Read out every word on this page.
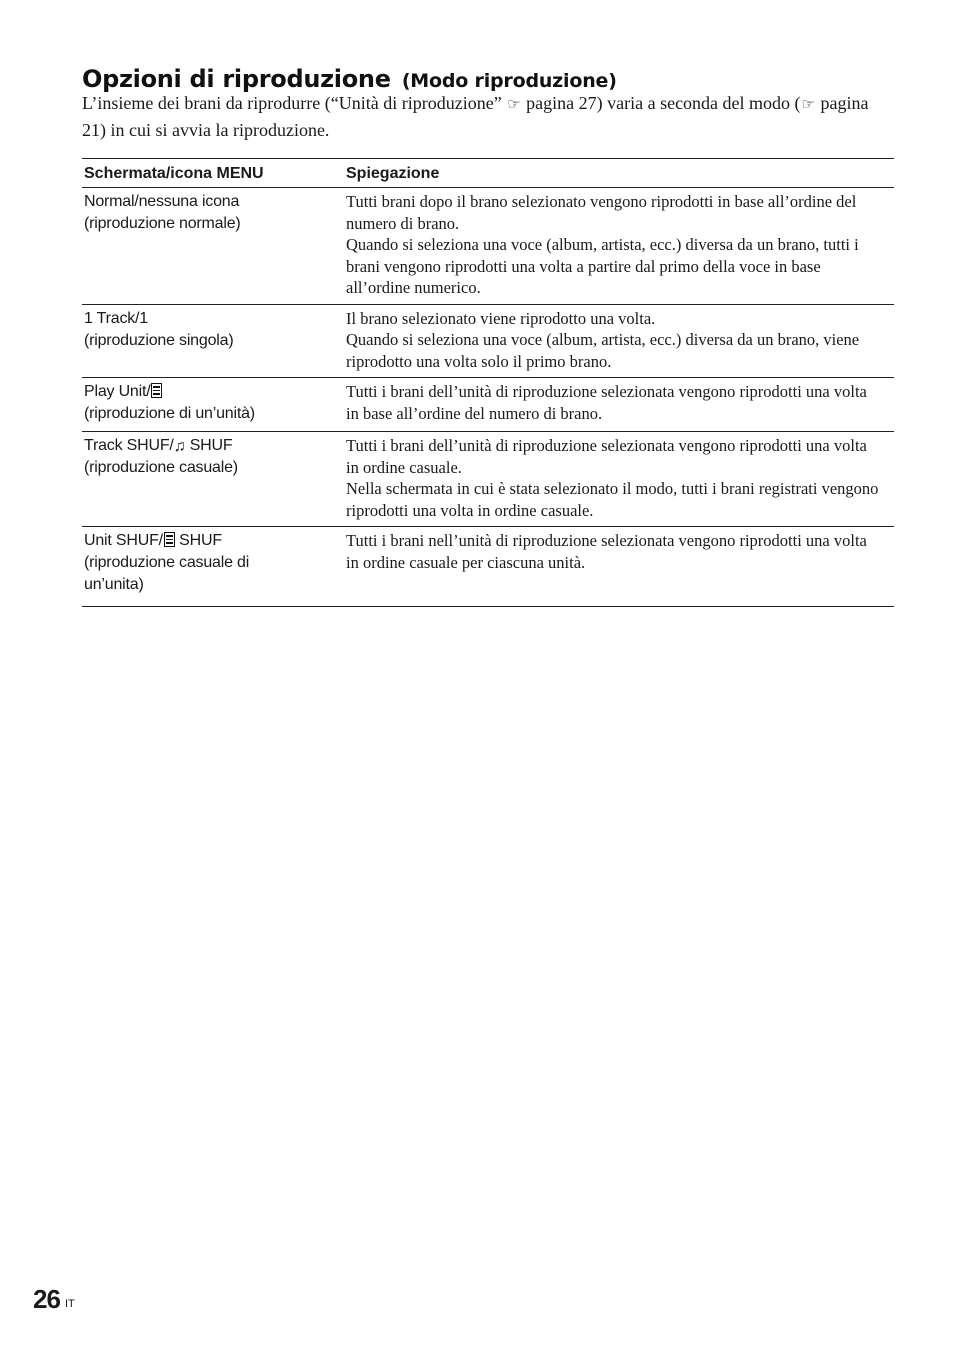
Opzioni di riproduzione (Modo riproduzione)

L’insieme dei brani da riprodurre (“Unità di riproduzione” ☞ pagina 27) varia a seconda del modo (☞ pagina 21) in cui si avvia la riproduzione.

Schermata/icona MENU	Spiegazione

Normal/nessuna icona
(riproduzione normale)	Tutti brani dopo il brano selezionato vengono riprodotti in base all’ordine del numero di brano.
Quando si seleziona una voce (album, artista, ecc.) diversa da un brano, tutti i brani vengono riprodotti una volta a partire dal primo della voce in base all’ordine numerico.

1 Track/1
(riproduzione singola)	Il brano selezionato viene riprodotto una volta.
Quando si seleziona una voce (album, artista, ecc.) diversa da un brano, viene riprodotto una volta solo il primo brano.

Play Unit/
(riproduzione di un’unità)	Tutti i brani dell’unità di riproduzione selezionata vengono riprodotti una volta in base all’ordine del numero di brano.

Track SHUF/♫ SHUF
(riproduzione casuale)	Tutti i brani dell’unità di riproduzione selezionata vengono riprodotti una volta in ordine casuale.
Nella schermata in cui è stata selezionato il modo, tutti i brani registrati vengono riprodotti una volta in ordine casuale.

Unit SHUF/
SHUF
(riproduzione casuale di
un’unita)	Tutti i brani nell’unità di riproduzione selezionata vengono riprodotti una volta in ordine casuale per ciascuna unità.
26 IT
